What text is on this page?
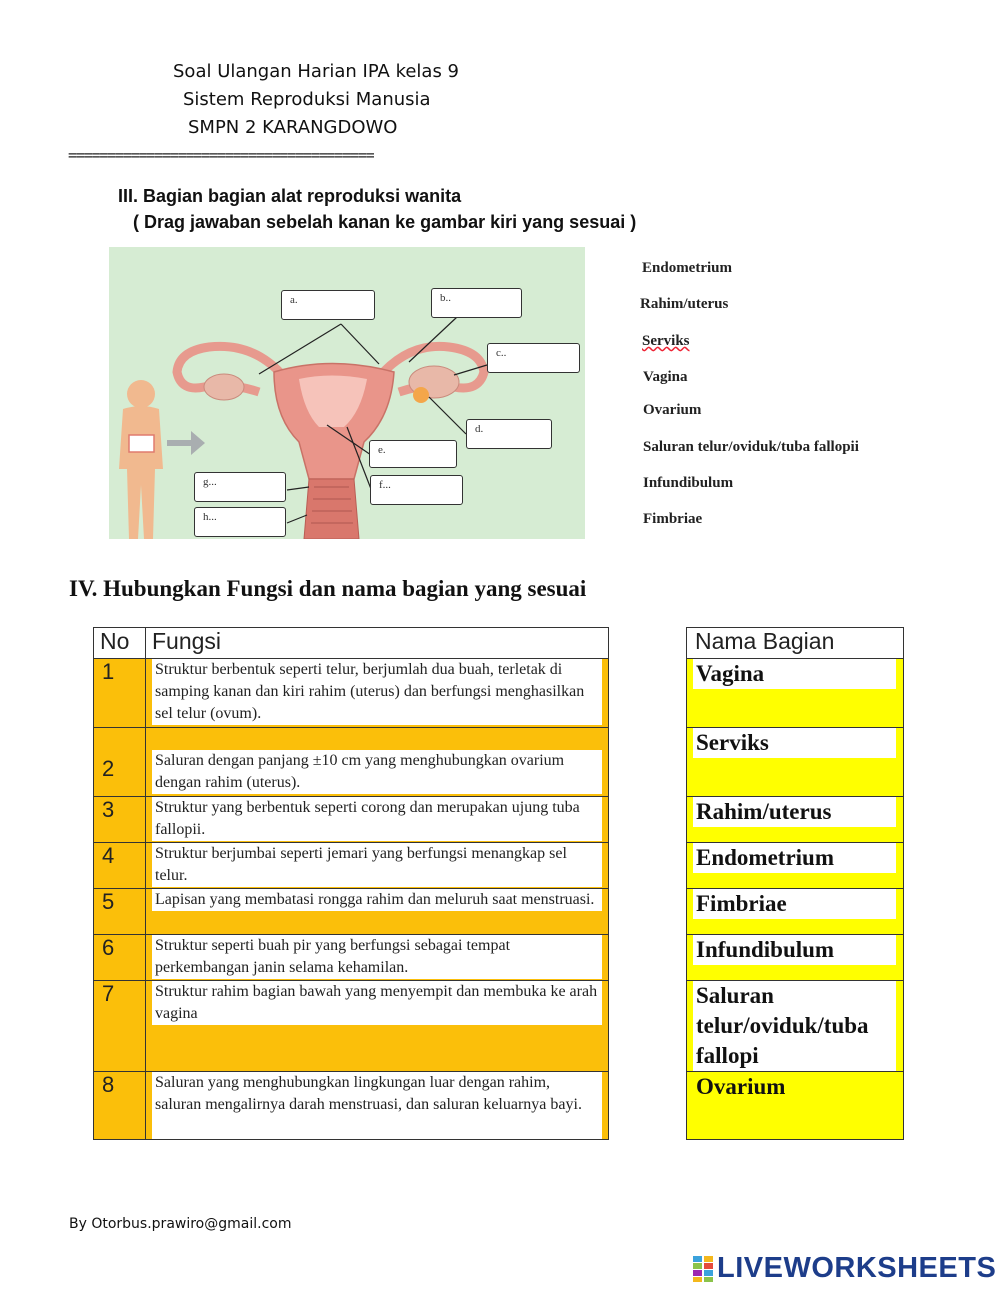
Soal Ulangan Harian IPA kelas 9
Sistem Reproduksi Manusia
SMPN 2 KARANGDOWO
=======================================
III. Bagian bagian alat reproduksi wanita
( Drag jawaban sebelah kanan ke gambar kiri yang sesuai )
a.	b..
c..
d.
e.
f...
g...
h...
Endometrium
Rahim/uterus
Serviks
Vagina
Ovarium
Saluran telur/oviduk/tuba fallopii
Infundibulum
Fimbriae
IV. Hubungkan Fungsi dan nama bagian yang sesuai
No Fungsi
1	Struktur berbentuk seperti telur, berjumlah dua buah, terletak di samping kanan dan kiri rahim (uterus) dan berfungsi menghasilkan sel telur (ovum).
2	Saluran dengan panjang ±10 cm yang menghubungkan ovarium dengan rahim (uterus).
3	Struktur yang berbentuk seperti corong dan merupakan ujung tuba fallopii.
4	Struktur berjumbai seperti jemari yang berfungsi menangkap sel telur.
5	Lapisan yang membatasi rongga rahim dan meluruh saat menstruasi.
6	Struktur seperti buah pir yang berfungsi sebagai tempat perkembangan janin selama kehamilan.
7	Struktur rahim bagian bawah yang menyempit dan membuka ke arah vagina
8	Saluran yang menghubungkan lingkungan luar dengan rahim, saluran mengalirnya darah menstruasi, dan saluran keluarnya bayi.
Nama Bagian
Vagina
Serviks
Rahim/uterus
Endometrium
Fimbriae
Infundibulum
Saluran telur/oviduk/tuba fallopi
Ovarium
By Otorbus.prawiro@gmail.com
LIVEWORKSHEETS
